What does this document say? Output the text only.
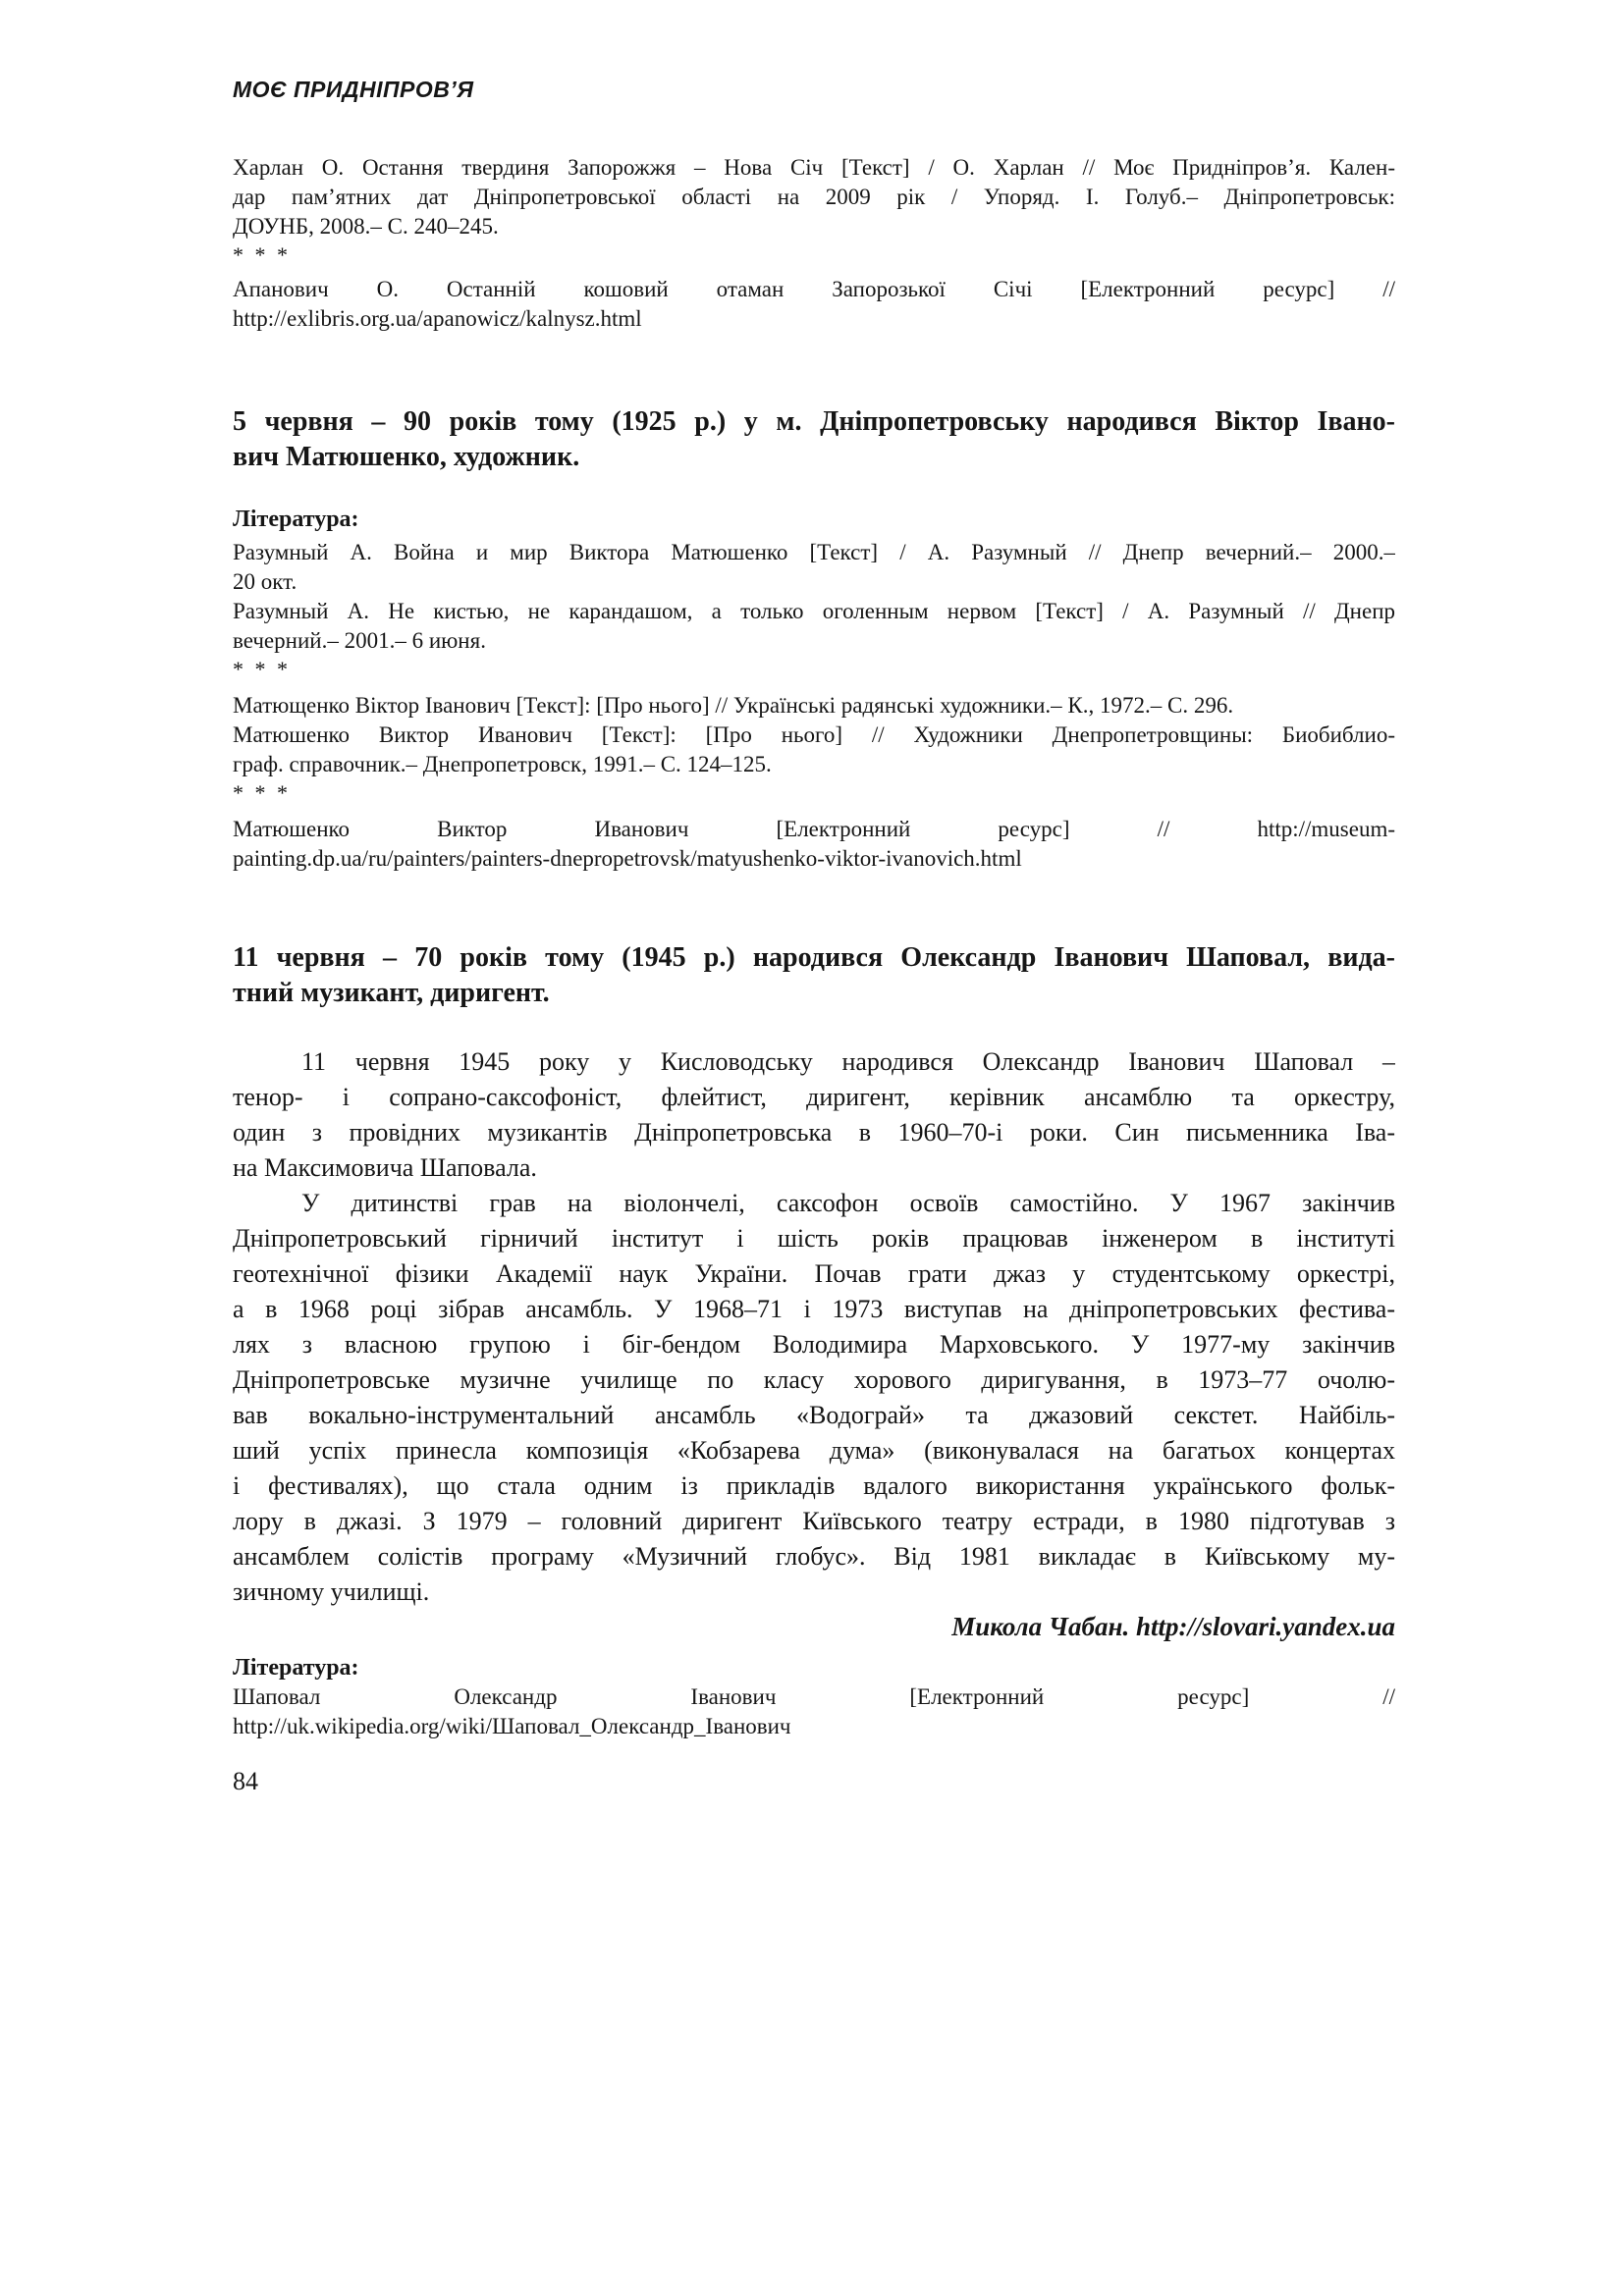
МОЄ ПРИДНІПРОВ’Я
Харлан О. Остання твердиня Запорожжя – Нова Січ [Текст] / О. Харлан // Моє Придніпров’я. Кален-
дар пам’ятних дат Дніпропетровської області на 2009 рік / Упоряд. І. Голуб.– Дніпропетровськ:
ДОУНБ, 2008.– С. 240–245.
* * *
Апанович О. Останній кошовий отаман Запорозької Січі [Електронний ресурс] //
http://exlibris.org.ua/apanowicz/kalnysz.html
5 червня – 90 років тому (1925 р.) у м. Дніпропетровську народився Віктор Івано-
вич Матюшенко, художник.
Література:
Разумный А. Война и мир Виктора Матюшенко [Текст] / А. Разумный // Днепр вечерний.– 2000.–
20 окт.
Разумный А. Не кистью, не карандашом, а только оголенным нервом [Текст] / А. Разумный // Днепр
вечерний.– 2001.– 6 июня.
* * *
Матющенко Віктор Іванович [Текст]: [Про нього] // Українські радянські художники.– К., 1972.– С. 296.
Матюшенко Виктор Иванович [Текст]: [Про нього] // Художники Днепропетровщины: Биобиблио-
граф. справочник.– Днепропетровск, 1991.– С. 124–125.
* * *
Матюшенко Виктор Иванович [Електронний ресурс] // http://museum-
painting.dp.ua/ru/painters/painters-dnepropetrovsk/matyushenko-viktor-ivanovich.html
11 червня – 70 років тому (1945 р.) народився Олександр Іванович Шаповал, вида-
тний музикант, диригент.
11 червня 1945 року у Кисловодську народився Олександр Іванович Шаповал –
тенор- і сопрано-саксофоніст, флейтист, диригент, керівник ансамблю та оркестру,
один з провідних музикантів Дніпропетровська в 1960–70-і роки. Син письменника Іва-
на Максимовича Шаповала.
У дитинстві грав на віолончелі, саксофон освоїв самостійно. У 1967 закінчив
Дніпропетровський гірничий інститут і шість років працював інженером в інституті
геотехнічної фізики Академії наук України. Почав грати джаз у студентському оркестрі,
а в 1968 році зібрав ансамбль. У 1968–71 і 1973 виступав на дніпропетровських фестива-
лях з власною групою і біг-бендом Володимира Марховського. У 1977-му закінчив
Дніпропетровське музичне училище по класу хорового диригування, в 1973–77 очолю-
вав вокально-інструментальний ансамбль «Водограй» та джазовий секстет. Найбіль-
ший успіх принесла композиція «Кобзарева дума» (виконувалася на багатьох концертах
і фестивалях), що стала одним із прикладів вдалого використання українського фольк-
лору в джазі. З 1979 – головний диригент Київського театру естради, в 1980 підготував з
ансамблем солістів програму «Музичний глобус». Від 1981 викладає в Київському му-
зичному училищі.
Микола Чабан. http://slovari.yandex.ua
Література:
Шаповал Олександр Іванович [Електронний ресурс] //
http://uk.wikipedia.org/wiki/Шаповал_Олександр_Іванович
84
